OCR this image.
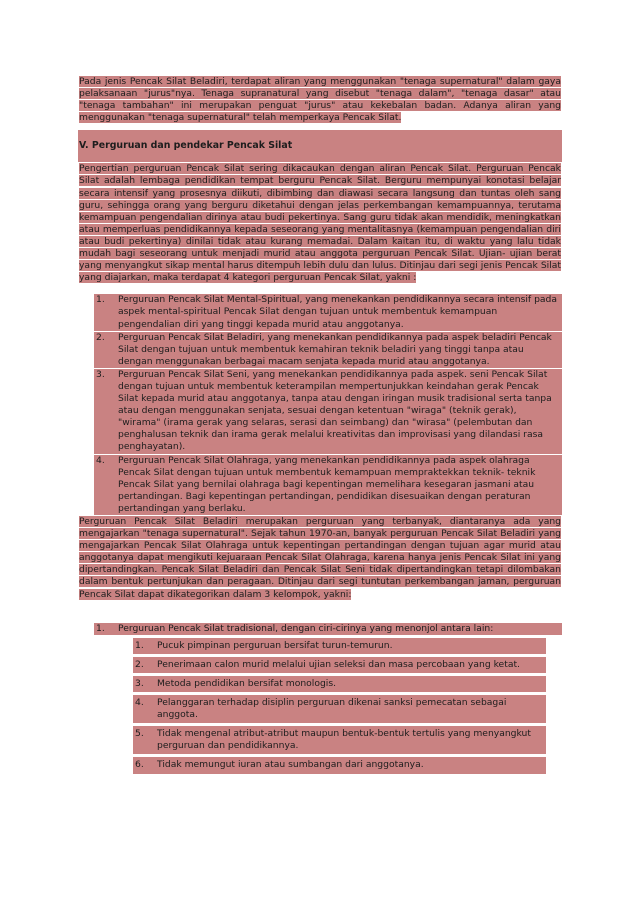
Pada jenis Pencak Silat Beladiri, terdapat aliran yang menggunakan "tenaga supernatural" dalam gaya pelaksanaan "jurus"nya. Tenaga supranatural yang disebut "tenaga dalam", "tenaga dasar" atau "tenaga tambahan" ini merupakan penguat "jurus" atau kekebalan badan. Adanya aliran yang menggunakan "tenaga supernatural" telah memperkaya Pencak Silat.

V. Perguruan dan pendekar Pencak Silat

Pengertian perguruan Pencak Silat sering dikacaukan dengan aliran Pencak Silat. Perguruan Pencak Silat adalah lembaga pendidikan tempat berguru Pencak Silat. Berguru mempunyai konotasi belajar secara intensif yang prosesnya diikuti, dibimbing dan diawasi secara langsung dan tuntas oleh sang guru, sehingga orang yang berguru diketahui dengan jelas perkembangan kemampuannya, terutama kemampuan pengendalian dirinya atau budi pekertinya. Sang guru tidak akan mendidik, meningkatkan atau memperluas pendidikannya kepada seseorang yang mentalitasnya (kemampuan pengendalian diri atau budi pekertinya) dinilai tidak atau kurang memadai. Dalam kaitan itu, di waktu yang lalu tidak mudah bagi seseorang untuk menjadi murid atau anggota perguruan Pencak Silat. Ujian- ujian berat yang menyangkut sikap mental harus ditempuh lebih dulu dan lulus. Ditinjau dari segi jenis Pencak Silat yang diajarkan, maka terdapat 4 kategori perguruan Pencak Silat, yakni :

1.	Perguruan Pencak Silat Mental-Spiritual, yang menekankan pendidikannya secara intensif pada aspek mental-spiritual Pencak Silat dengan tujuan untuk membentuk kemampuan pengendalian diri yang tinggi kepada murid atau anggotanya.
2.	Perguruan Pencak Silat Beladiri, yang menekankan pendidikannya pada aspek beladiri Pencak Silat dengan tujuan untuk membentuk kemahiran teknik beladiri yang tinggi tanpa atau dengan menggunakan berbagai macam senjata kepada murid atau anggotanya.
3.	Perguruan Pencak Silat Seni, yang menekankan pendidikannya pada aspek. seni Pencak Silat dengan tujuan untuk membentuk keterampilan mempertunjukkan keindahan gerak Pencak Silat kepada murid atau anggotanya, tanpa atau dengan iringan musik tradisional serta tanpa atau dengan menggunakan senjata, sesuai dengan ketentuan "wiraga" (teknik gerak), "wirama" (irama gerak yang selaras, serasi dan seimbang) dan "wirasa" (pelembutan dan penghalusan teknik dan irama gerak melalui kreativitas dan improvisasi yang dilandasi rasa penghayatan).
4.	Perguruan Pencak Silat Olahraga, yang menekankan pendidikannya pada aspek olahraga Pencak Silat dengan tujuan untuk membentuk kemampuan mempraktekkan teknik- teknik Pencak Silat yang bernilai olahraga bagi kepentingan memelihara kesegaran jasmani atau pertandingan. Bagi kepentingan pertandingan, pendidikan disesuaikan dengan peraturan pertandingan yang berlaku.

Perguruan Pencak Silat Beladiri merupakan perguruan yang terbanyak, diantaranya ada yang mengajarkan "tenaga supernatural". Sejak tahun 1970-an, banyak perguruan Pencak Silat Beladiri yang mengajarkan Pencak Silat Olahraga untuk kepentingan pertandingan dengan tujuan agar murid atau anggotanya dapat mengikuti kejuaraan Pencak Silat Olahraga, karena hanya jenis Pencak Silat ini yang dipertandingkan. Pencak Silat Beladiri dan Pencak Silat Seni tidak dipertandingkan tetapi dilombakan dalam bentuk pertunjukan dan peragaan. Ditinjau dari segi tuntutan perkembangan jaman, perguruan Pencak Silat dapat dikategorikan dalam 3 kelompok, yakni:

1.	Perguruan Pencak Silat tradisional, dengan ciri-cirinya yang menonjol antara lain:
1.	Pucuk pimpinan perguruan bersifat turun-temurun.
2.	Penerimaan calon murid melalui ujian seleksi dan masa percobaan yang ketat.
3.	Metoda pendidikan bersifat monologis.
4.	Pelanggaran terhadap disiplin perguruan dikenai sanksi pemecatan sebagai anggota.
5.	Tidak mengenal atribut-atribut maupun bentuk-bentuk tertulis yang menyangkut perguruan dan pendidikannya.
6.	Tidak memungut iuran atau sumbangan dari anggotanya.
